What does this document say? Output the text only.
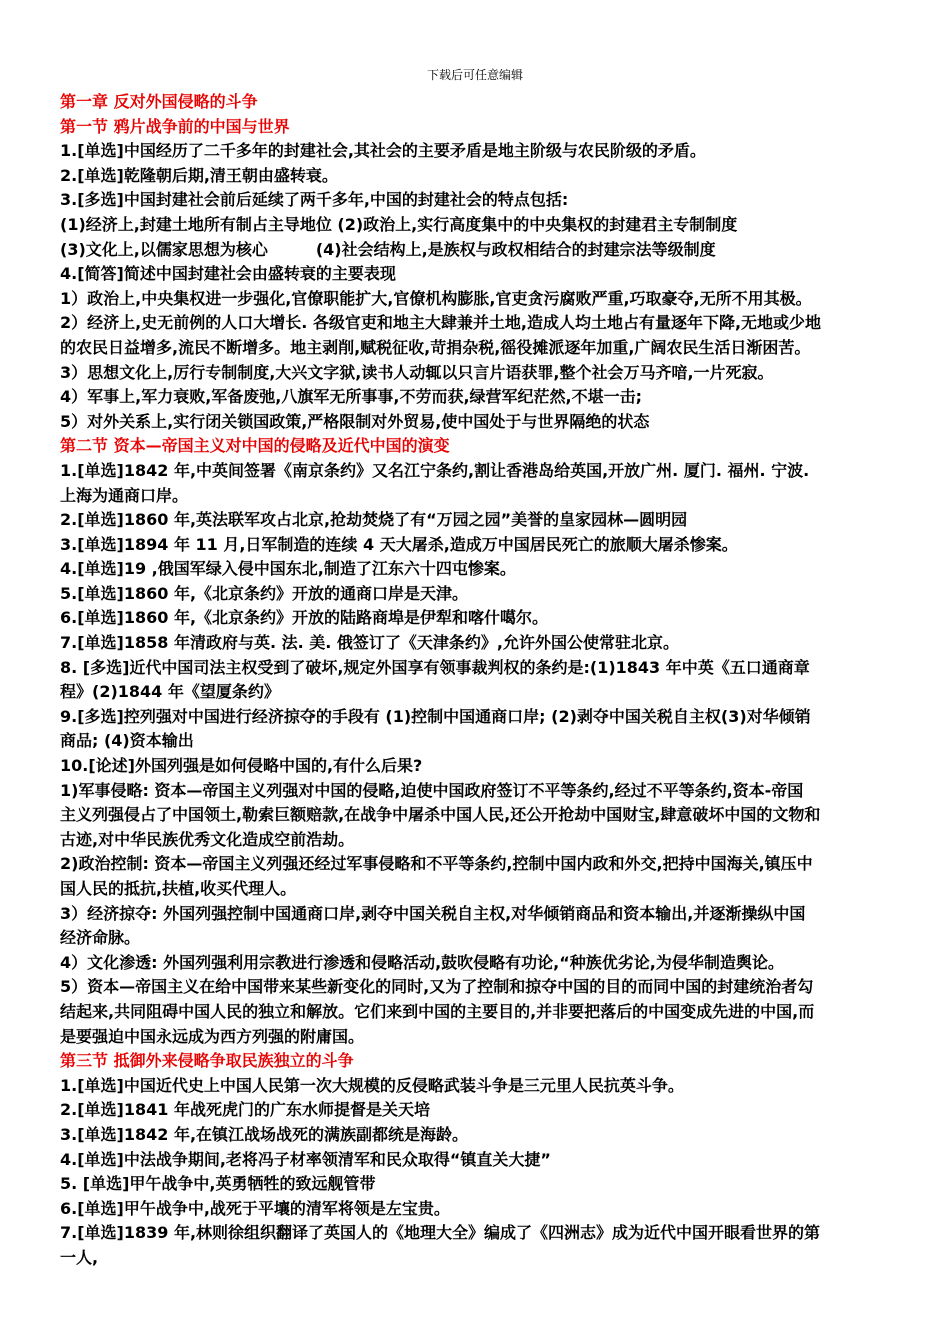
下载后可任意编辑
第一章 反对外国侵略的斗争
第一节 鸦片战争前的中国与世界
1.[单选]中国经历了二千多年的封建社会,其社会的主要矛盾是地主阶级与农民阶级的矛盾。
2.[单选]乾隆朝后期,清王朝由盛转衰。
3.[多选]中国封建社会前后延续了两千多年,中国的封建社会的特点包括:
(1)经济上,封建土地所有制占主导地位 (2)政治上,实行高度集中的中央集权的封建君主专制制度
(3)文化上,以儒家思想为核心	(4)社会结构上,是族权与政权相结合的封建宗法等级制度
4.[简答]简述中国封建社会由盛转衰的主要表现
1）政治上,中央集权进一步强化,官僚职能扩大,官僚机构膨胀,官吏贪污腐败严重,巧取豪夺,无所不用其极。
2）经济上,史无前例的人口大增长. 各级官吏和地主大肆兼并土地,造成人均土地占有量逐年下降,无地或少地
的农民日益增多,流民不断增多。地主剥削,赋税征收,苛捐杂税,徭役摊派逐年加重,广阔农民生活日渐困苦。
3）思想文化上,厉行专制制度,大兴文字狱,读书人动辄以只言片语获罪,整个社会万马齐喑,一片死寂。
4）军事上,军力衰败,军备废弛,八旗军无所事事,不劳而获,绿营军纪茫然,不堪一击;
5）对外关系上,实行闭关锁国政策,严格限制对外贸易,使中国处于与世界隔绝的状态
第二节 资本—帝国主义对中国的侵略及近代中国的演变
1.[单选]1842 年,中英间签署《南京条约》又名江宁条约,割让香港岛给英国,开放广州. 厦门. 福州. 宁波.
上海为通商口岸。
2.[单选]1860 年,英法联军攻占北京,抢劫焚烧了有“万园之园”美誉的皇家园林—圆明园
3.[单选]1894 年 11 月,日军制造的连续 4 天大屠杀,造成万中国居民死亡的旅顺大屠杀惨案。
4.[单选]19 ,俄国军绿入侵中国东北,制造了江东六十四屯惨案。
5.[单选]1860 年,《北京条约》开放的通商口岸是天津。
6.[单选]1860 年,《北京条约》开放的陆路商埠是伊犁和喀什噶尔。
7.[单选]1858 年清政府与英. 法. 美. 俄签订了《天津条约》,允许外国公使常驻北京。
8. [多选]近代中国司法主权受到了破坏,规定外国享有领事裁判权的条约是:(1)1843 年中英《五口通商章
程》(2)1844 年《望厦条约》
9.[多选]控列强对中国进行经济掠夺的手段有 (1)控制中国通商口岸; (2)剥夺中国关税自主权(3)对华倾销
商品; (4)资本输出
10.[论述]外国列强是如何侵略中国的,有什么后果?
1)军事侵略: 资本—帝国主义列强对中国的侵略,迫使中国政府签订不平等条约,经过不平等条约,资本-帝国
主义列强侵占了中国领土,勒索巨额赔款,在战争中屠杀中国人民,还公开抢劫中国财宝,肆意破坏中国的文物和
古迹,对中华民族优秀文化造成空前浩劫。
2)政治控制: 资本—帝国主义列强还经过军事侵略和不平等条约,控制中国内政和外交,把持中国海关,镇压中
国人民的抵抗,扶植,收买代理人。
3）经济掠夺: 外国列强控制中国通商口岸,剥夺中国关税自主权,对华倾销商品和资本输出,并逐渐操纵中国
经济命脉。
4）文化渗透: 外国列强利用宗教进行渗透和侵略活动,鼓吹侵略有功论,“种族优劣论,为侵华制造舆论。
5）资本—帝国主义在给中国带来某些新变化的同时,又为了控制和掠夺中国的目的而同中国的封建统治者勾
结起来,共同阻碍中国人民的独立和解放。它们来到中国的主要目的,并非要把落后的中国变成先进的中国,而
是要强迫中国永远成为西方列强的附庸国。
第三节 抵御外来侵略争取民族独立的斗争
1.[单选]中国近代史上中国人民第一次大规模的反侵略武装斗争是三元里人民抗英斗争。
2.[单选]1841 年战死虎门的广东水师提督是关天培
3.[单选]1842 年,在镇江战场战死的满族副都统是海龄。
4.[单选]中法战争期间,老将冯子材率领清军和民众取得“镇直关大捷”
5. [单选]甲午战争中,英勇牺牲的致远舰管带
6.[单选]甲午战争中,战死于平壤的清军将领是左宝贵。
7.[单选]1839 年,林则徐组织翻译了英国人的《地理大全》编成了《四洲志》成为近代中国开眼看世界的第
一人,
